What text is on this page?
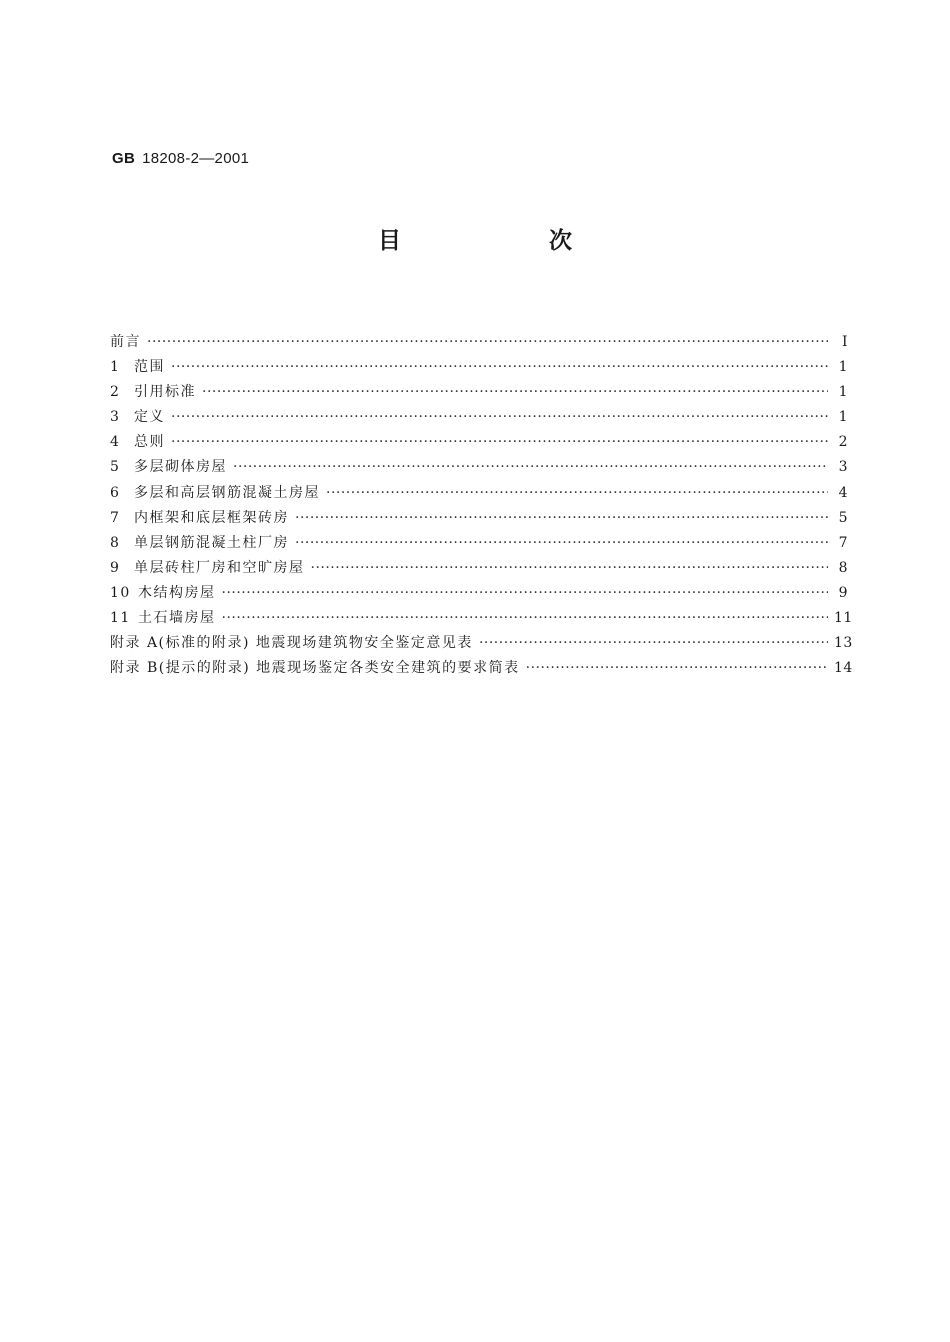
GB 18208-2—2001
目 次
前言 ·····	I
1 范围 ·····	1
2 引用标准 ·····	1
3 定义 ·····	1
4 总则 ·····	2
5 多层砌体房屋 ·····	3
6 多层和高层钢筋混凝土房屋 ·····	4
7 内框架和底层框架砖房 ·····	5
8 单层钢筋混凝土柱厂房 ·····	7
9 单层砖柱厂房和空旷房屋 ·····	8
10 木结构房屋 ·····	9
11 土石墙房屋 ·····	11
附录 A(标准的附录) 地震现场建筑物安全鉴定意见表 ·····	13
附录 B(提示的附录) 地震现场鉴定各类安全建筑的要求简表 ·····	14
